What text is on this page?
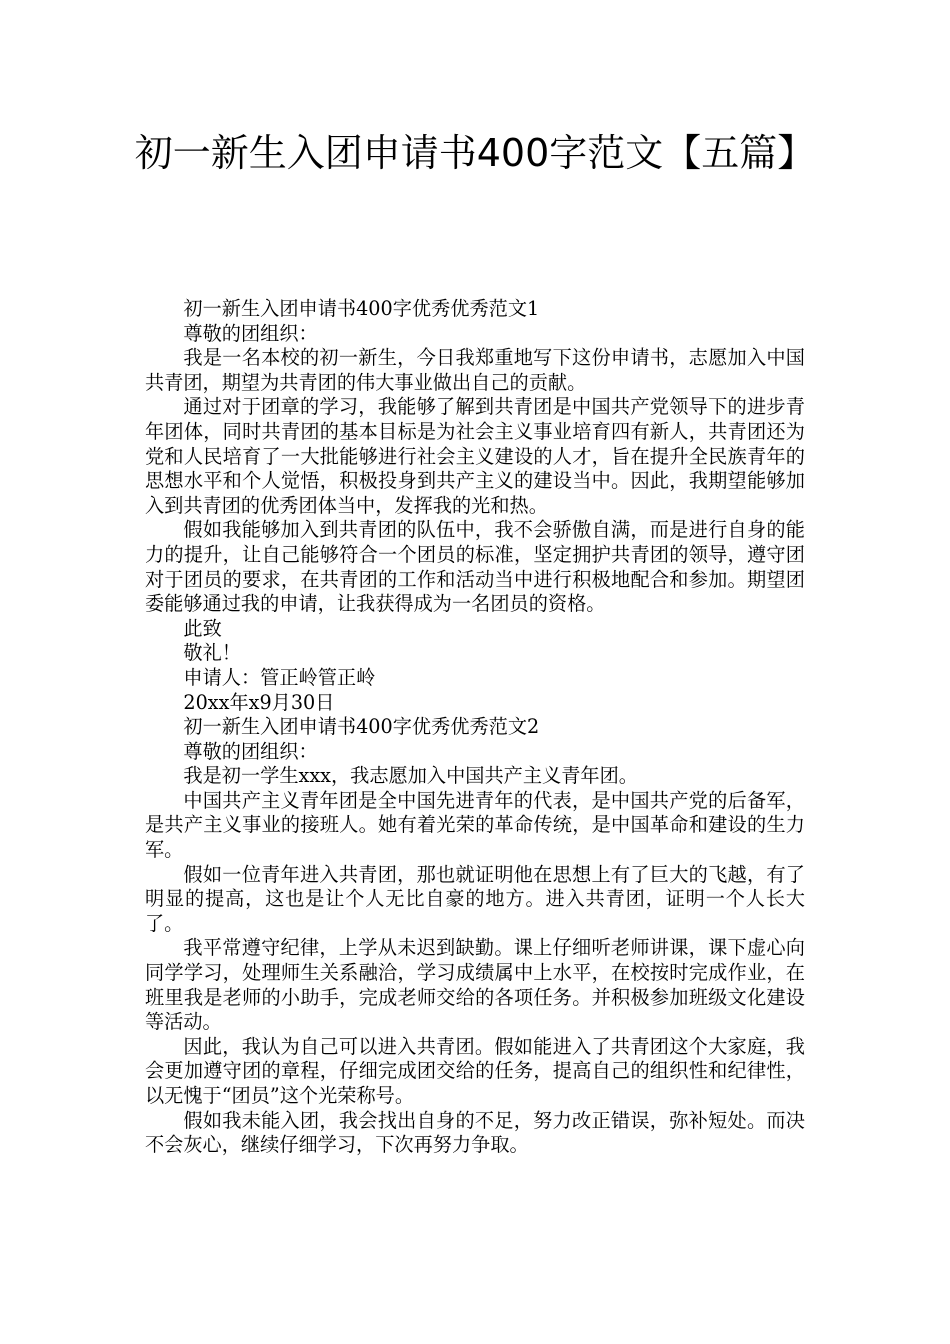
初一新生入团申请书400字范文【五篇】

初一新生入团申请书400字优秀优秀范文1

尊敬的团组织：

我是一名本校的初一新生，今日我郑重地写下这份申请书，志愿加入中国共青团，期望为共青团的伟大事业做出自己的贡献。

通过对于团章的学习，我能够了解到共青团是中国共产党领导下的进步青年团体，同时共青团的基本目标是为社会主义事业培育四有新人，共青团还为党和人民培育了一大批能够进行社会主义建设的人才，旨在提升全民族青年的思想水平和个人觉悟，积极投身到共产主义的建设当中。因此，我期望能够加入到共青团的优秀团体当中，发挥我的光和热。

假如我能够加入到共青团的队伍中，我不会骄傲自满，而是进行自身的能力的提升，让自己能够符合一个团员的标准，坚定拥护共青团的领导，遵守团对于团员的要求，在共青团的工作和活动当中进行积极地配合和参加。期望团委能够通过我的申请，让我获得成为一名团员的资格。

此致

敬礼！

申请人：管正岭管正岭

20xx年x9月30日

初一新生入团申请书400字优秀优秀范文2

尊敬的团组织：

我是初一学生xxx，我志愿加入中国共产主义青年团。

中国共产主义青年团是全中国先进青年的代表，是中国共产党的后备军，是共产主义事业的接班人。她有着光荣的革命传统，是中国革命和建设的生力军。

假如一位青年进入共青团，那也就证明他在思想上有了巨大的飞越，有了明显的提高，这也是让个人无比自豪的地方。进入共青团，证明一个人长大了。

我平常遵守纪律，上学从未迟到缺勤。课上仔细听老师讲课，课下虚心向同学学习，处理师生关系融洽，学习成绩属中上水平，在校按时完成作业，在班里我是老师的小助手，完成老师交给的各项任务。并积极参加班级文化建设等活动。

因此，我认为自己可以进入共青团。假如能进入了共青团这个大家庭，我会更加遵守团的章程，仔细完成团交给的任务，提高自己的组织性和纪律性，以无愧于“团员”这个光荣称号。

假如我未能入团，我会找出自身的不足，努力改正错误，弥补短处。而决不会灰心，继续仔细学习，下次再努力争取。
